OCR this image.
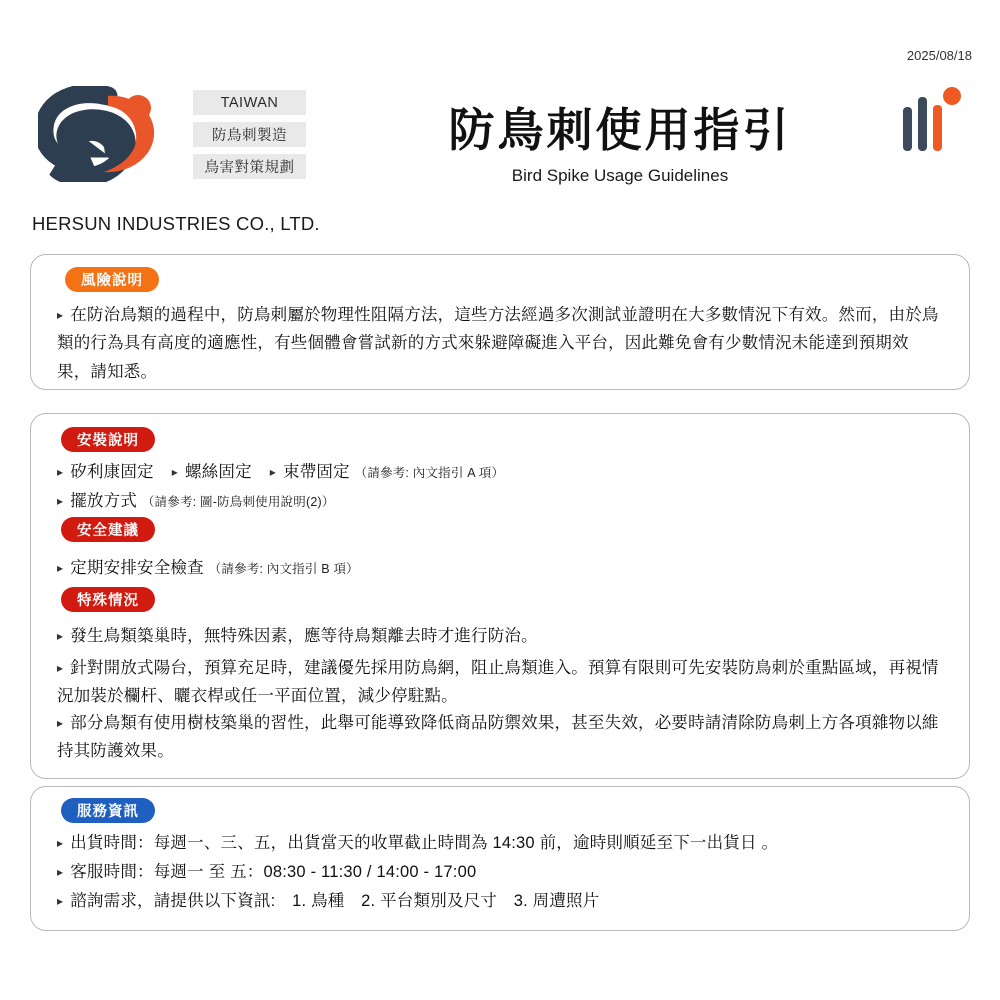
2025/08/18
HERSUN INDUSTRIES CO., LTD.
TAIWAN
防鳥刺製造
鳥害對策規劃
防鳥刺使用指引
Bird Spike Usage Guidelines
風險說明
▸ 在防治鳥類的過程中，防鳥刺屬於物理性阻隔方法，這些方法經過多次測試並證明在大多數情況下有效。然而，由於鳥類的行為具有高度的適應性，有些個體會嘗試新的方式來躲避障礙進入平台，因此難免會有少數情況未能達到預期效果，請知悉。
安裝說明
▸ 矽利康固定 ▸ 螺絲固定 ▸ 束帶固定 （請參考: 內文指引 A 項）
▸ 擺放方式 （請參考: 圖-防鳥刺使用說明(2)）
安全建議
▸ 定期安排安全檢查 （請參考: 內文指引 B 項）
特殊情況
▸ 發生鳥類築巢時，無特殊因素，應等待鳥類離去時才進行防治。
▸ 針對開放式陽台，預算充足時，建議優先採用防鳥網，阻止鳥類進入。預算有限則可先安裝防鳥刺於重點區域，再視情況加裝於欄杆、曬衣桿或任一平面位置，減少停駐點。
▸ 部分鳥類有使用樹枝築巢的習性，此舉可能導致降低商品防禦效果，甚至失效，必要時請清除防鳥刺上方各項雜物以維持其防護效果。
服務資訊
▸ 出貨時間：每週一、三、五，出貨當天的收單截止時間為 14:30 前，逾時則順延至下一出貨日 。
▸ 客服時間：每週一 至 五：08:30 - 11:30 / 14:00 - 17:00
▸ 諮詢需求，請提供以下資訊:　1. 鳥種　2. 平台類別及尺寸　3. 周遭照片
